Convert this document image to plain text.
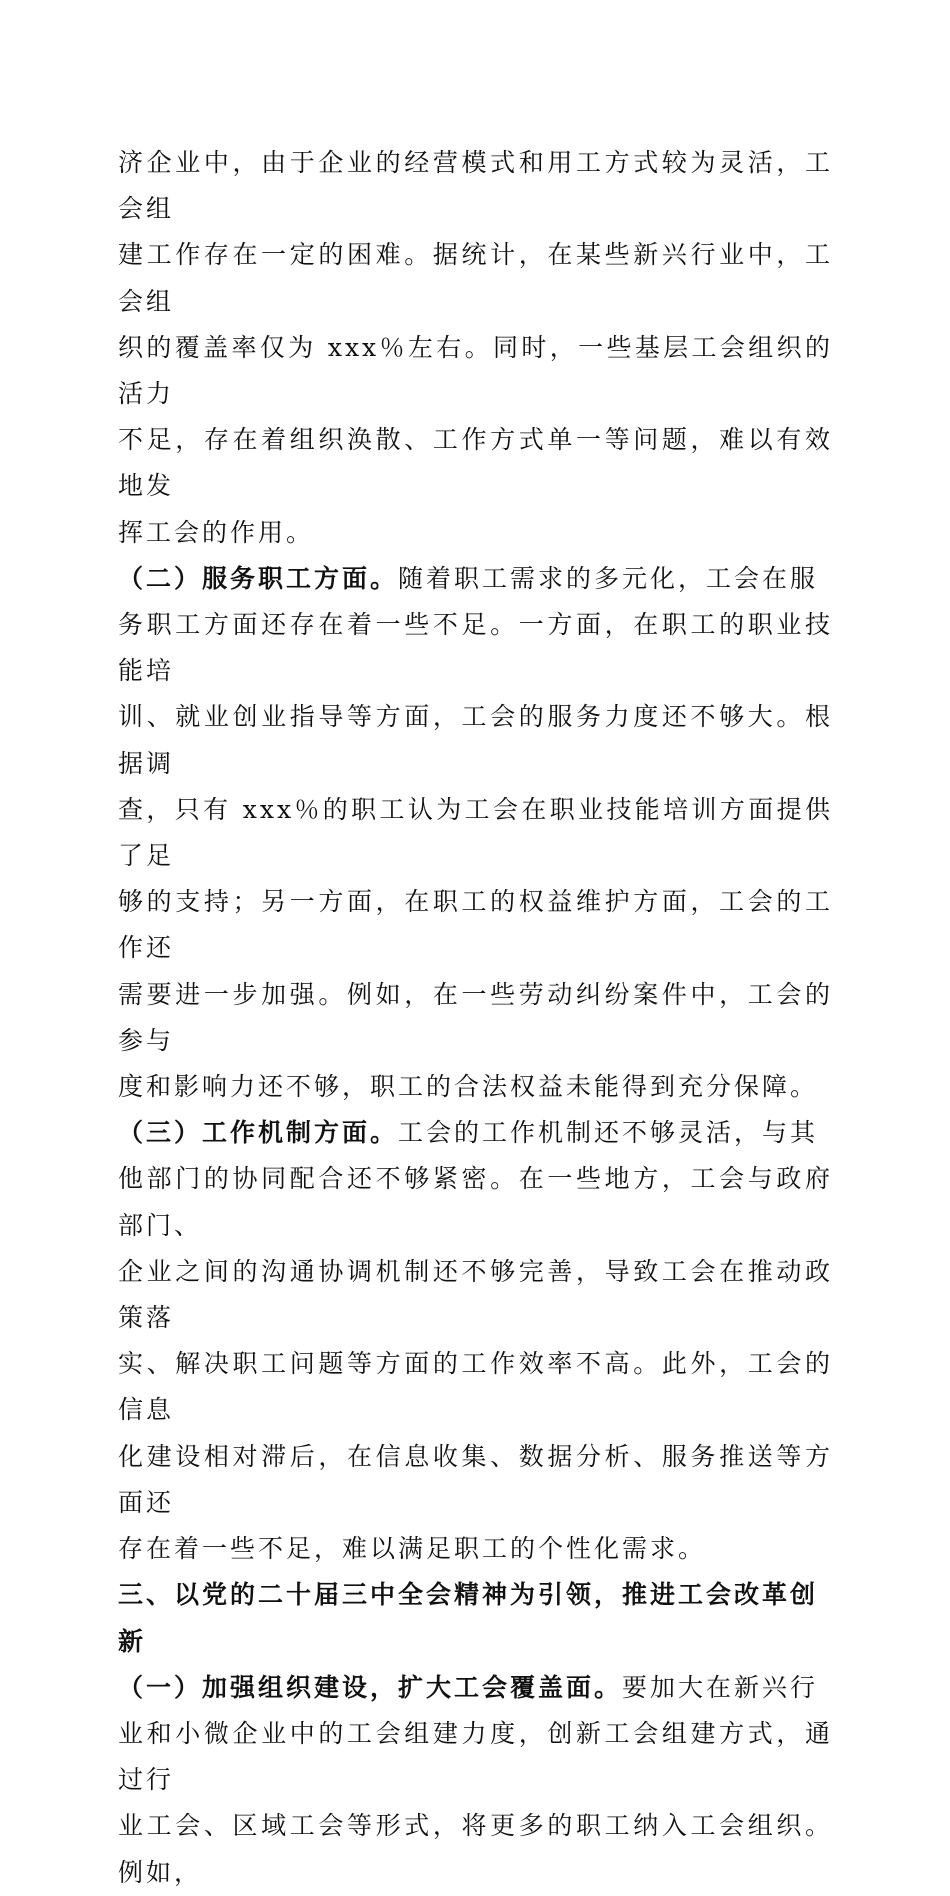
济企业中，由于企业的经营模式和用工方式较为灵活，工会组
建工作存在一定的困难。据统计，在某些新兴行业中，工会组
织的覆盖率仅为 xxx％左右。同时，一些基层工会组织的活力
不足，存在着组织涣散、工作方式单一等问题，难以有效地发
挥工会的作用。

（二）服务职工方面。随着职工需求的多元化，工会在服
务职工方面还存在着一些不足。一方面，在职工的职业技能培
训、就业创业指导等方面，工会的服务力度还不够大。根据调
查，只有 xxx％的职工认为工会在职业技能培训方面提供了足
够的支持；另一方面，在职工的权益维护方面，工会的工作还
需要进一步加强。例如，在一些劳动纠纷案件中，工会的参与
度和影响力还不够，职工的合法权益未能得到充分保障。

（三）工作机制方面。工会的工作机制还不够灵活，与其
他部门的协同配合还不够紧密。在一些地方，工会与政府部门、
企业之间的沟通协调机制还不够完善，导致工会在推动政策落
实、解决职工问题等方面的工作效率不高。此外，工会的信息
化建设相对滞后，在信息收集、数据分析、服务推送等方面还
存在着一些不足，难以满足职工的个性化需求。

三、以党的二十届三中全会精神为引领，推进工会改革创
新

（一）加强组织建设，扩大工会覆盖面。要加大在新兴行
业和小微企业中的工会组建力度，创新工会组建方式，通过行
业工会、区域工会等形式，将更多的职工纳入工会组织。例如，
